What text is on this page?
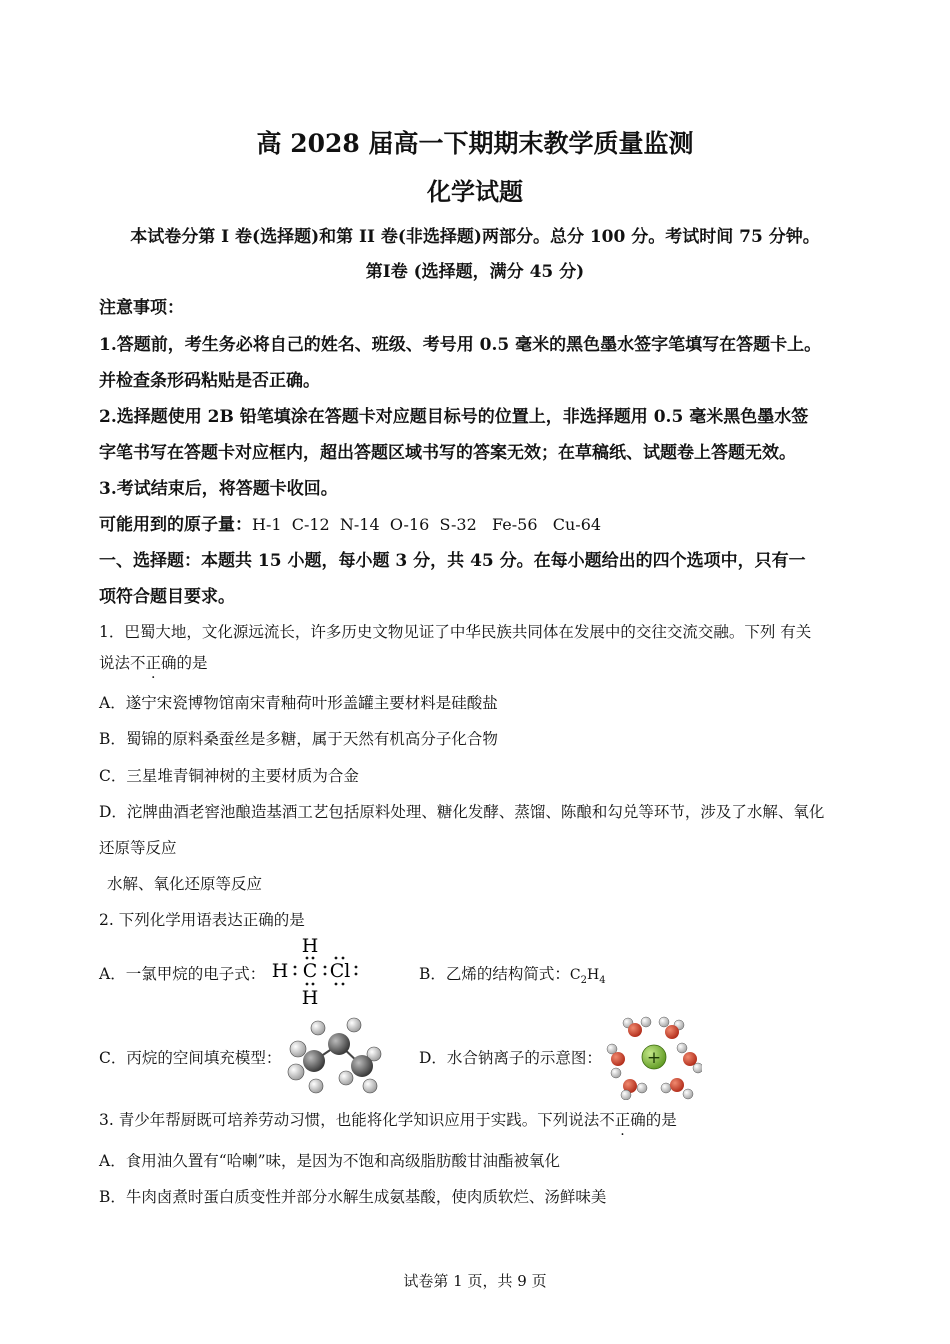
高 2028 届高一下期期末教学质量监测
化学试题
本试卷分第 I 卷(选择题)和第 II 卷(非选择题)两部分。总分 100 分。考试时间 75 分钟。
第Ⅰ卷 (选择题，满分 45 分)
注意事项：
1.答题前，考生务必将自己的姓名、班级、考号用 0.5 毫米的黑色墨水签字笔填写在答题卡上。
并检查条形码粘贴是否正确。
2.选择题使用 2B 铅笔填涂在答题卡对应题目标号的位置上，非选择题用 0.5 毫米黑色墨水签
字笔书写在答题卡对应框内，超出答题区域书写的答案无效；在草稿纸、试题卷上答题无效。
3.考试结束后，将答题卡收回。
可能用到的原子量：H-1  C-12  N-14  O-16  S-32   Fe-56   Cu-64
一、选择题：本题共 15 小题，每小题 3 分，共 45 分。在每小题给出的四个选项中，只有一
项符合题目要求。
1．巴蜀大地，文化源远流长，许多历史文物见证了中华民族共同体在发展中的交往交流交融。下列 有关
说法不正确的是
A．遂宁宋瓷博物馆南宋青釉荷叶形盖罐主要材料是硅酸盐
B．蜀锦的原料桑蚕丝是多糖，属于天然有机高分子化合物
C．三星堆青铜神树的主要材质为合金
D．沱牌曲酒老窖池酿造基酒工艺包括原料处理、糖化发酵、蒸馏、陈酿和勾兑等环节，涉及了水解、氧化
还原等反应
水解、氧化还原等反应
2. 下列化学用语表达正确的是
A．一氯甲烷的电子式：
H
H C Cl
H
B．乙烯的结构简式：$C_2H_4$
C．丙烷的空间填充模型：	D．水合钠离子的示意图：	+
3. 青少年帮厨既可培养劳动习惯，也能将化学知识应用于实践。下列说法不正确的是
A．食用油久置有“哈喇”味，是因为不饱和高级脂肪酸甘油酯被氧化
B．牛肉卤煮时蛋白质变性并部分水解生成氨基酸，使肉质软烂、汤鲜味美
试卷第 1 页，共 9 页
